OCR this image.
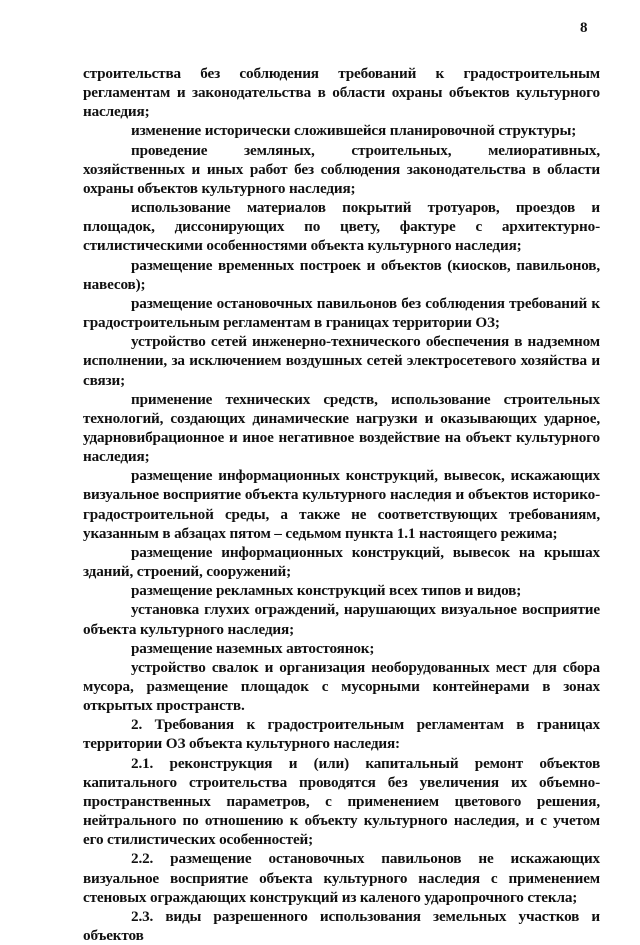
8

строительства без соблюдения требований к градостроительным регламентам и законодательства в области охраны объектов культурного наследия;

изменение исторически сложившейся планировочной структуры;

проведение земляных, строительных, мелиоративных, хозяйственных и иных работ без соблюдения законодательства в области охраны объектов культурного наследия;

использование материалов покрытий тротуаров, проездов и площадок, диссонирующих по цвету, фактуре с архитектурно-стилистическими особенностями объекта культурного наследия;

размещение временных построек и объектов (киосков, павильонов, навесов);

размещение остановочных павильонов без соблюдения требований к градостроительным регламентам в границах территории ОЗ;

устройство сетей инженерно-технического обеспечения в надземном исполнении, за исключением воздушных сетей электросетевого хозяйства и связи;

применение технических средств, использование строительных технологий, создающих динамические нагрузки и оказывающих ударное, ударновибрационное и иное негативное воздействие на объект культурного наследия;

размещение информационных конструкций, вывесок, искажающих визуальное восприятие объекта культурного наследия и объектов историко-градостроительной среды, а также не соответствующих требованиям, указанным в абзацах пятом – седьмом пункта 1.1 настоящего режима;

размещение информационных конструкций, вывесок на крышах зданий, строений, сооружений;

размещение рекламных конструкций всех типов и видов;

установка глухих ограждений, нарушающих визуальное восприятие объекта культурного наследия;

размещение наземных автостоянок;

устройство свалок и организация необорудованных мест для сбора мусора, размещение площадок с мусорными контейнерами в зонах открытых пространств.

2. Требования к градостроительным регламентам в границах территории ОЗ объекта культурного наследия:

2.1. реконструкция и (или) капитальный ремонт объектов капитального строительства проводятся без увеличения их объемно-пространственных параметров, с применением цветового решения, нейтрального по отношению к объекту культурного наследия, и с учетом его стилистических особенностей;

2.2. размещение остановочных павильонов не искажающих визуальное восприятие объекта культурного наследия с применением стеновых ограждающих конструкций из каленого ударопрочного стекла;

2.3. виды разрешенного использования земельных участков и объектов
